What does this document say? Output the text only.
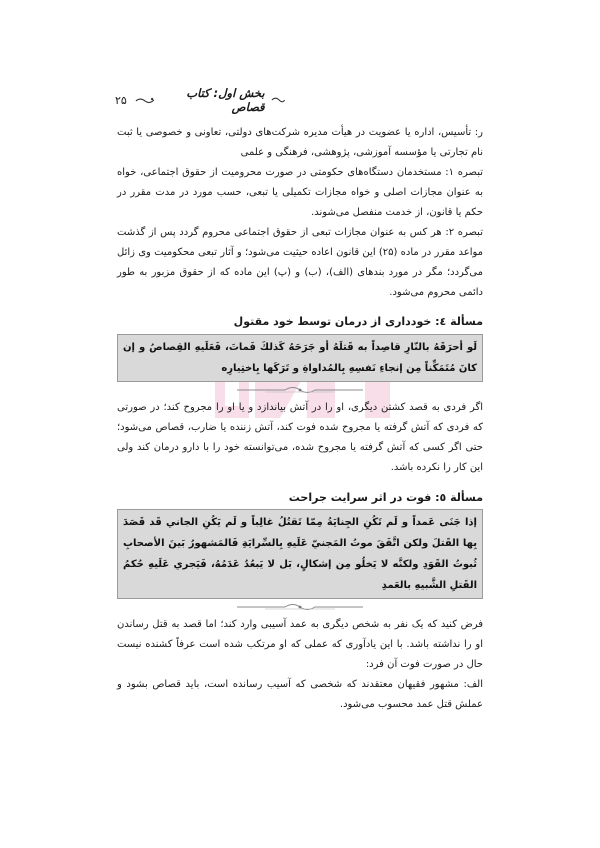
۲۵	بخش اول: کتاب قصاص

ر: تأسیس، اداره یا عضویت در هیأت مدیره شرکت‌های دولتی، تعاونی و خصوصی یا ثبت نام تجارتی یا مؤسسه آموزشی، پژوهشی، فرهنگی و علمی

تبصره ۱: مستخدمان دستگاه‌های حکومتی در صورت محرومیت از حقوق اجتماعی، خواه به عنوان مجازات اصلی و خواه مجازات تکمیلی یا تبعی، حسب مورد در مدت مقرر در حکم یا قانون، از خدمت منفصل می‌شوند.

تبصره ۲: هر کس به عنوان مجازات تبعی از حقوق اجتماعی محروم گردد پس از گذشت مواعد مقرر در ماده (۲۵) این قانون اعاده حیثیت می‌شود؛ و آثار تبعی محکومیت وی زائل می‌گردد؛ مگر در مورد بندهای (الف)، (ب) و (پ) این ماده که از حقوق مزبور به طور دائمی محروم می‌شود.

مسألة ٤: خودداری از درمان توسط خود مقتول
لَو أحرَقَهُ بالنّارِ قاصِداً به قَتلَهُ أو جَرَحَهُ كَذلكَ فَماتَ، فَعَلَيهِ القِصاصُ و إن كانَ مُتَمَكِّناً مِن إنجاءِ نَفسِهِ بِالمُداواةِ و تَرَكَها بِاختِيارِه

اگر فردی به قصد کشتن دیگری، او را در آتش بیاندازد و یا او را مجروح کند؛ در صورتی که فردی که آتش گرفته یا مجروح شده فوت کند، آتش زننده یا ضارب، قصاص می‌شود؛ حتی اگر کسی که آتش گرفته یا مجروح شده، می‌توانسته خود را با دارو درمان کند ولی این کار را نکرده باشد.

مسألة ٥: فوت در اثر سرایت جراحت
إذا جَنَى عَمداً و لَم تَكُنِ الجِنايَةُ مِمّا تَقتُلُ غالِباً و لَم يَكُنِ الجاني قَد قَصَدَ بِها القَتلَ ولكن اتَّفَقَ موتُ المَجنيّ عَلَيهِ بِالسِّرايَةِ فَالمَشهورُ بَينَ الأصحابِ ثُبوتُ القَوَدِ ولكنَّه لا يَخلُو مِن إشكالٍ، بَل لا يَبعُدُ عَدَمُهُ، فَيَجري عَلَيهِ حُكمُ القَتلِ الشَّبيهِ بالعَمدِ

فرض کنید که یک نفر به شخص دیگری به عمد آسیبی وارد کند؛ اما قصد به قتل رساندن او را نداشته باشد. با این یادآوری که عملی که او مرتکب شده است عرفاً کشنده نیست حال در صورت فوت آن فرد:

الف: مشهور فقیهان معتقدند که شخصی که آسیب رسانده است، باید قصاص بشود و عملش قتل عمد محسوب می‌شود.
